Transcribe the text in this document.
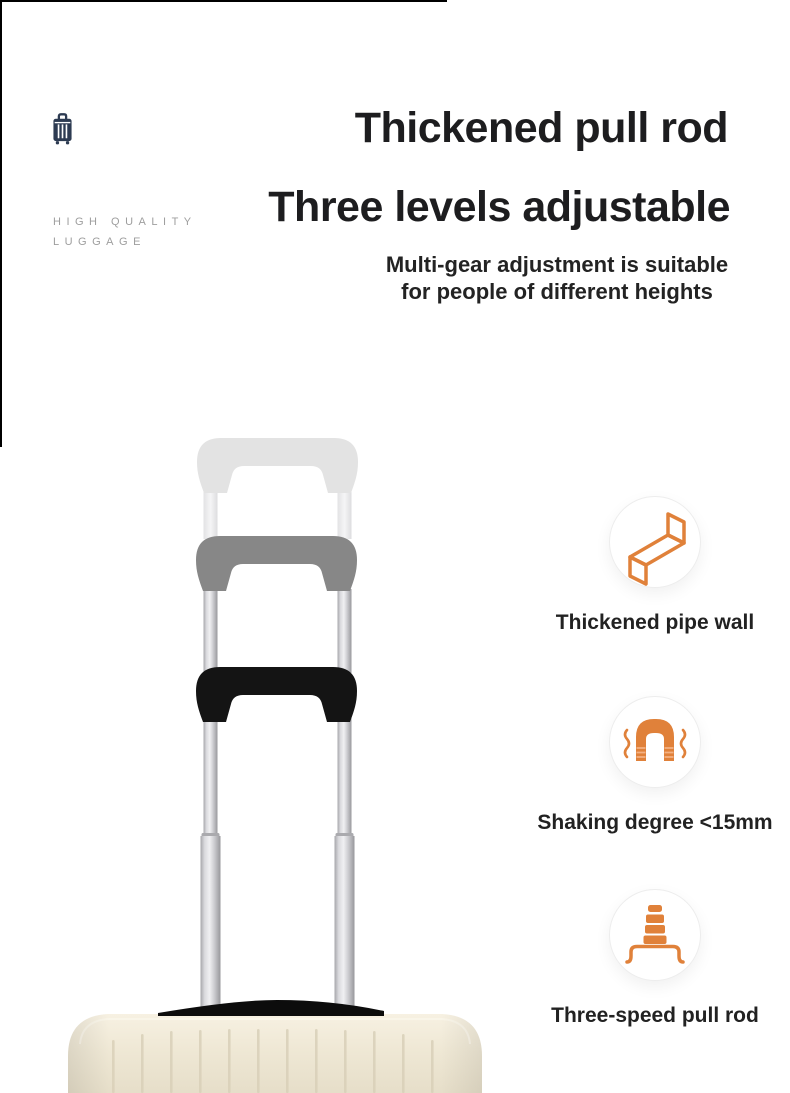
HIGH QUALITY
LUGGAGE
Thickened pull rod
Three levels adjustable
Multi-gear adjustment is suitable
for people of different heights
Thickened pipe wall
Shaking degree <15mm
Three-speed pull rod
